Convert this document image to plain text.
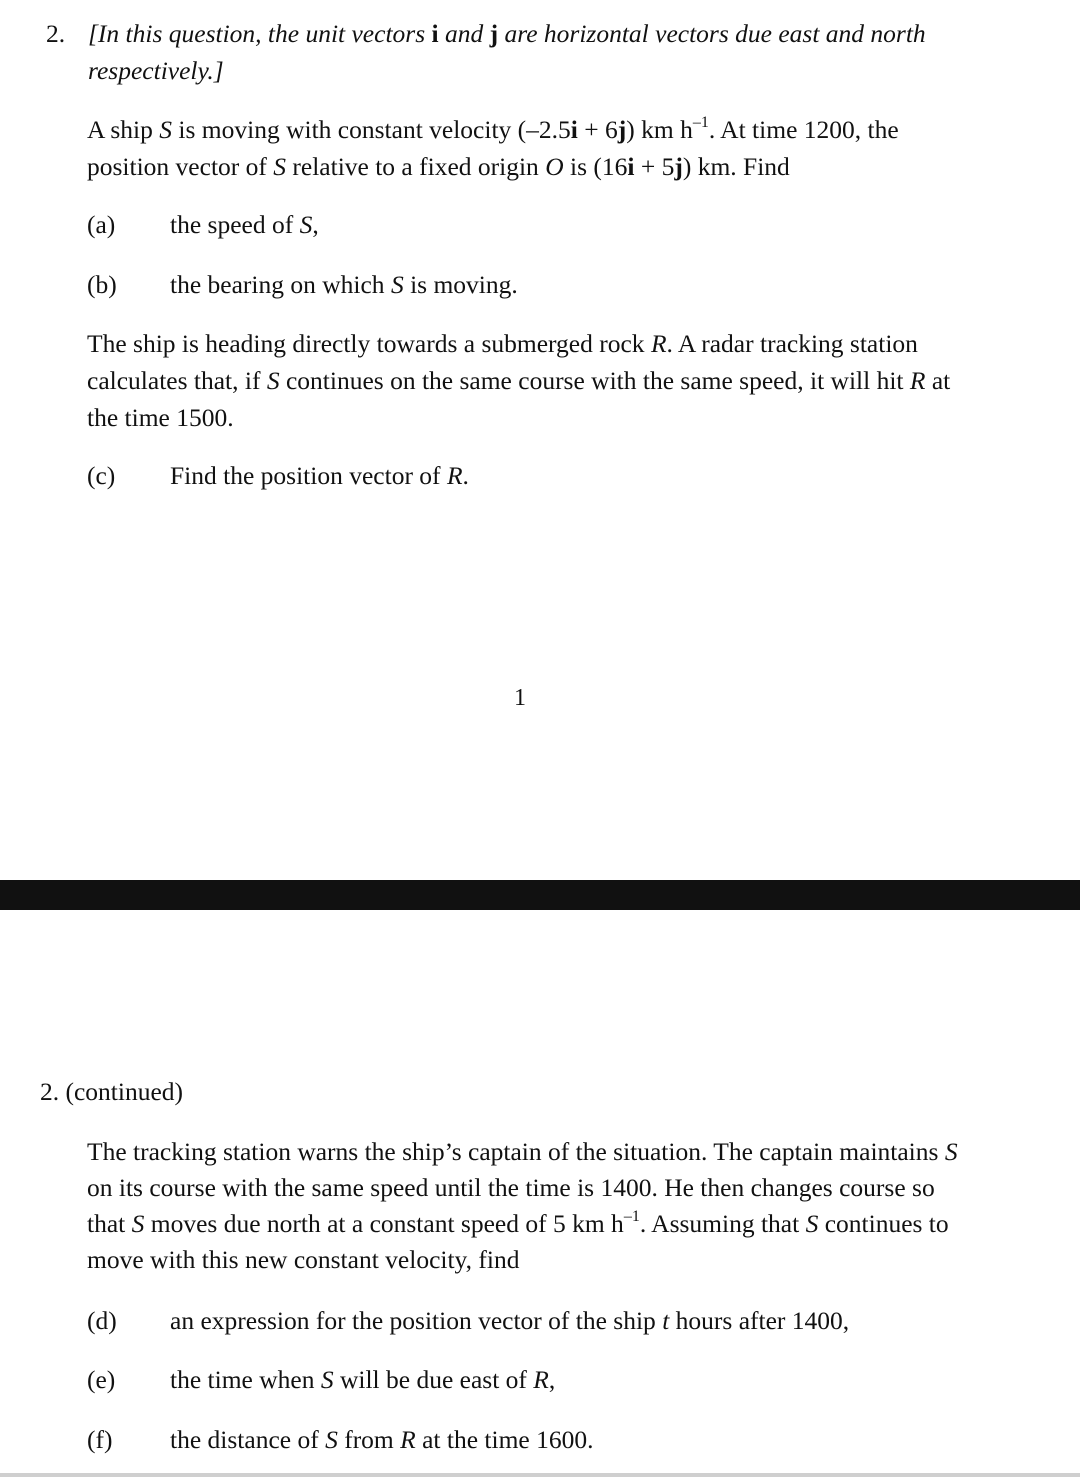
2. [In this question, the unit vectors i and j are horizontal vectors due east and north

respectively.]

A ship S is moving with constant velocity (–2.5i + 6j) km $h^{-1}$. At time 1200, the

position vector of S relative to a fixed origin O is (16i + 5j) km. Find

(a) the speed of S,

(b) the bearing on which S is moving.

The ship is heading directly towards a submerged rock R. A radar tracking station

calculates that, if S continues on the same course with the same speed, it will hit R at

the time 1500.

(c) Find the position vector of R.

1
2. (continued)

The tracking station warns the ship’s captain of the situation. The captain maintains S

on its course with the same speed until the time is 1400. He then changes course so

that S moves due north at a constant speed of 5 km $h^{-1}$. Assuming that S continues to

move with this new constant velocity, find

(d) an expression for the position vector of the ship t hours after 1400,

(e) the time when S will be due east of R,

(f) the distance of S from R at the time 1600.
